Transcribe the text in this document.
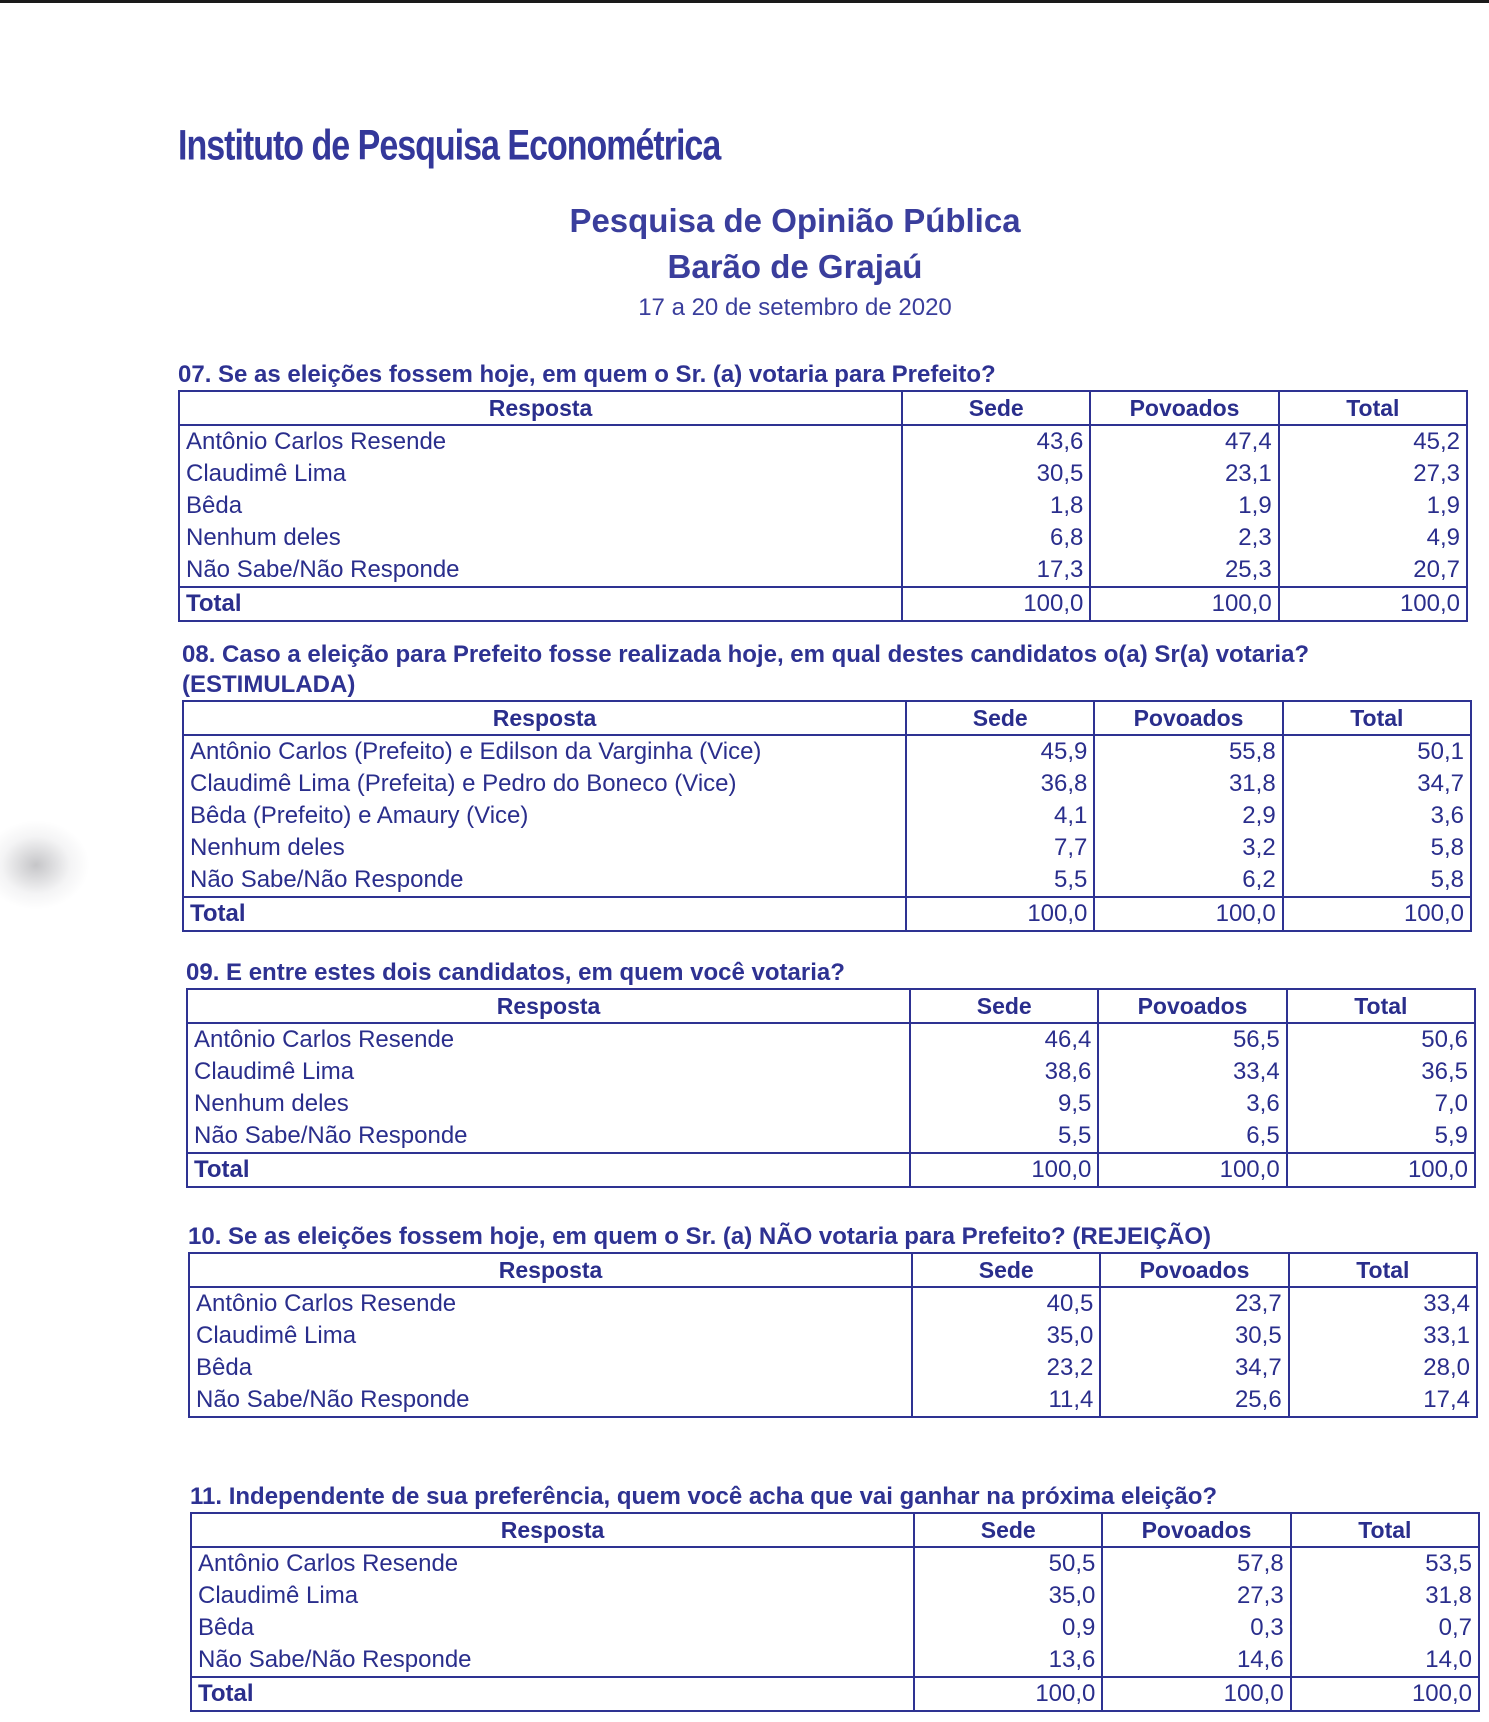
Instituto de Pesquisa Econométrica
Pesquisa de Opinião Pública
Barão de Grajaú
17 a 20 de setembro de 2020
07. Se as eleições fossem hoje, em quem o Sr. (a) votaria para Prefeito?
Resposta	Sede	Povoados	Total
Antônio Carlos Resende	43,6	47,4	45,2
Claudimê Lima	30,5	23,1	27,3
Bêda	1,8	1,9	1,9
Nenhum deles	6,8	2,3	4,9
Não Sabe/Não Responde	17,3	25,3	20,7
Total	100,0	100,0	100,0
08. Caso a eleição para Prefeito fosse realizada hoje, em qual destes candidatos o(a) Sr(a) votaria?
(ESTIMULADA)
Resposta	Sede	Povoados	Total
Antônio Carlos (Prefeito) e Edilson da Varginha (Vice)	45,9	55,8	50,1
Claudimê Lima (Prefeita) e Pedro do Boneco (Vice)	36,8	31,8	34,7
Bêda (Prefeito) e Amaury (Vice)	4,1	2,9	3,6
Nenhum deles	7,7	3,2	5,8
Não Sabe/Não Responde	5,5	6,2	5,8
Total	100,0	100,0	100,0
09. E entre estes dois candidatos, em quem você votaria?
Resposta	Sede	Povoados	Total
Antônio Carlos Resende	46,4	56,5	50,6
Claudimê Lima	38,6	33,4	36,5
Nenhum deles	9,5	3,6	7,0
Não Sabe/Não Responde	5,5	6,5	5,9
Total	100,0	100,0	100,0
10. Se as eleições fossem hoje, em quem o Sr. (a) NÃO votaria para Prefeito? (REJEIÇÃO)
Resposta	Sede	Povoados	Total
Antônio Carlos Resende	40,5	23,7	33,4
Claudimê Lima	35,0	30,5	33,1
Bêda	23,2	34,7	28,0
Não Sabe/Não Responde	11,4	25,6	17,4
11. Independente de sua preferência, quem você acha que vai ganhar na próxima eleição?
Resposta	Sede	Povoados	Total
Antônio Carlos Resende	50,5	57,8	53,5
Claudimê Lima	35,0	27,3	31,8
Bêda	0,9	0,3	0,7
Não Sabe/Não Responde	13,6	14,6	14,0
Total	100,0	100,0	100,0
